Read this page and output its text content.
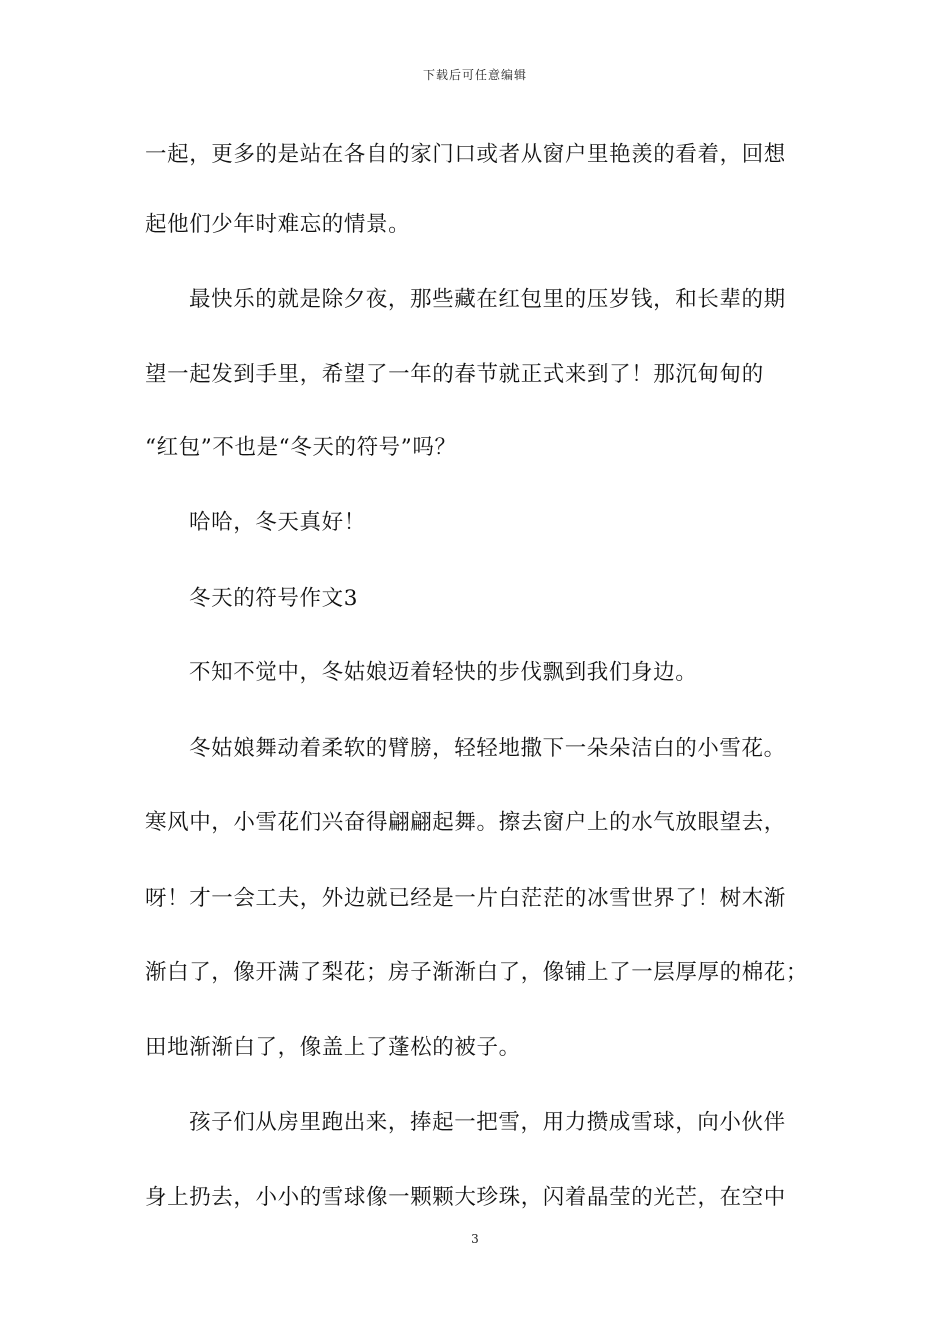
下载后可任意编辑
一起，更多的是站在各自的家门口或者从窗户里艳羡的看着，回想
起他们少年时难忘的情景。
最快乐的就是除夕夜，那些藏在红包里的压岁钱，和长辈的期
望一起发到手里，希望了一年的春节就正式来到了！那沉甸甸的
“红包”不也是“冬天的符号”吗？
哈哈，冬天真好！
冬天的符号作文3
不知不觉中，冬姑娘迈着轻快的步伐飘到我们身边。
冬姑娘舞动着柔软的臂膀，轻轻地撒下一朵朵洁白的小雪花。
寒风中，小雪花们兴奋得翩翩起舞。擦去窗户上的水气放眼望去，
呀！才一会工夫，外边就已经是一片白茫茫的冰雪世界了！树木渐
渐白了，像开满了梨花；房子渐渐白了，像铺上了一层厚厚的棉花；
田地渐渐白了，像盖上了蓬松的被子。
孩子们从房里跑出来，捧起一把雪，用力攒成雪球，向小伙伴
身上扔去，小小的雪球像一颗颗大珍珠，闪着晶莹的光芒，在空中
3
